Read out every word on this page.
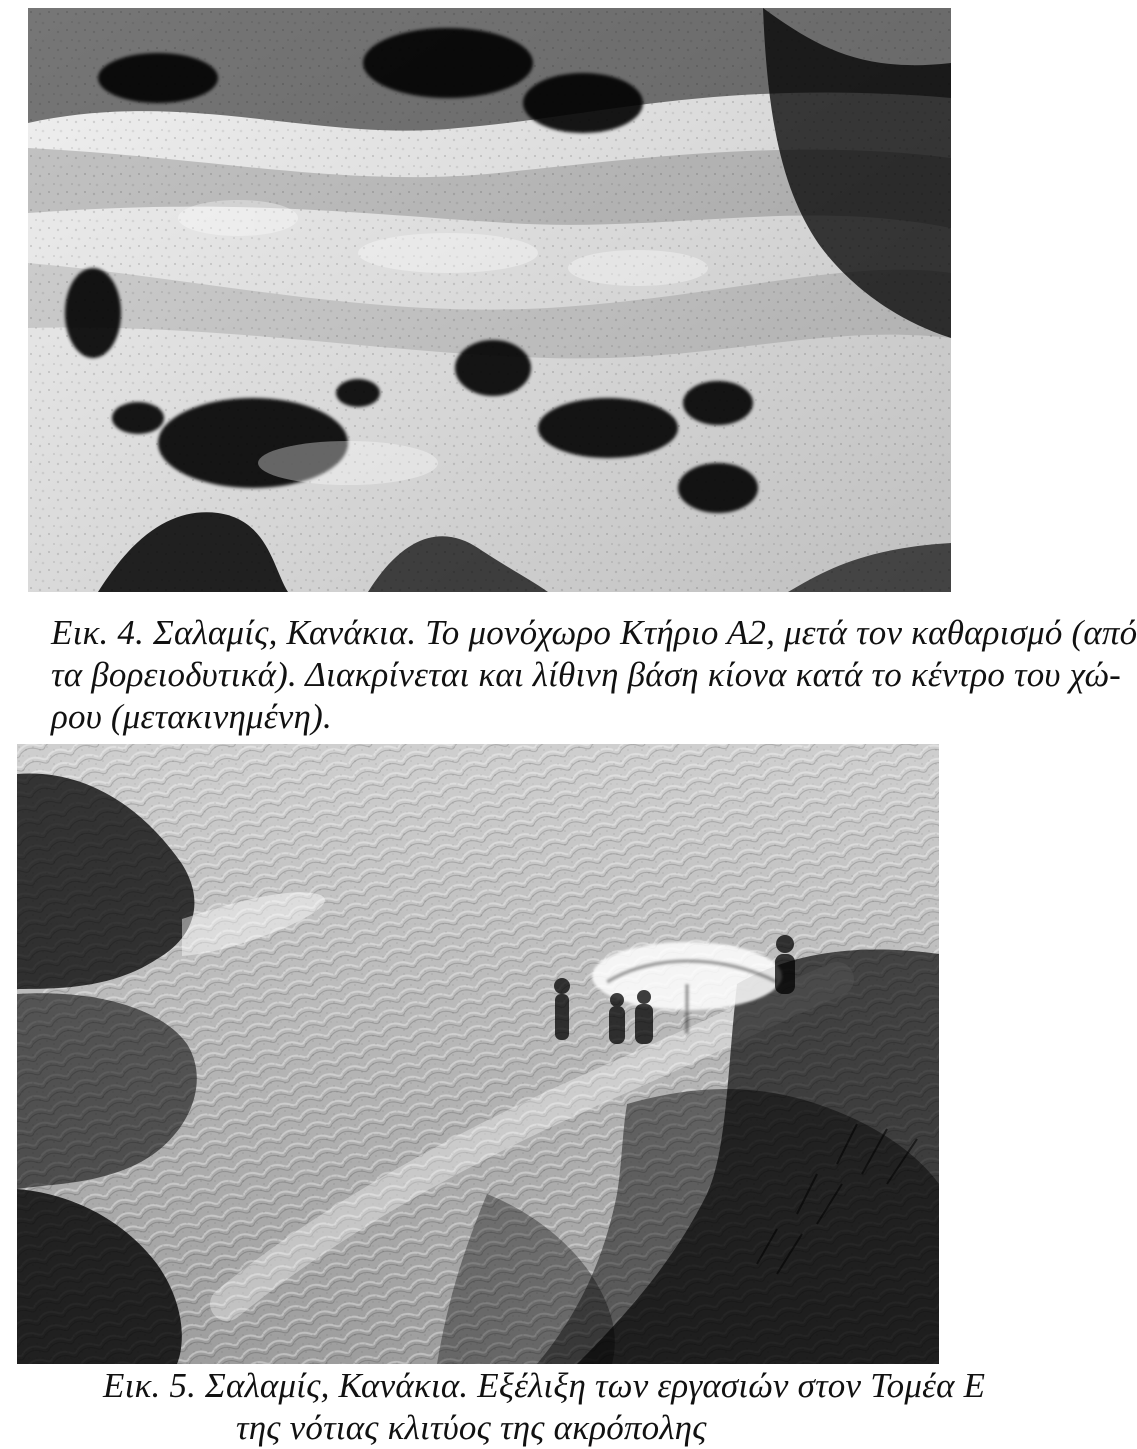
Εικ. 4. Σαλαμίς, Κανάκια. Το μονόχωρο Κτήριο Α2, μετά τον καθαρισμό (από
τα βορειοδυτικά). Διακρίνεται και λίθινη βάση κίονα κατά το κέντρο του χώ-
ρου (μετακινημένη).
Εικ. 5. Σαλαμίς, Κανάκια. Εξέλιξη των εργασιών στον Τομέα Ε
της νότιας κλιτύος της ακρόπολης
